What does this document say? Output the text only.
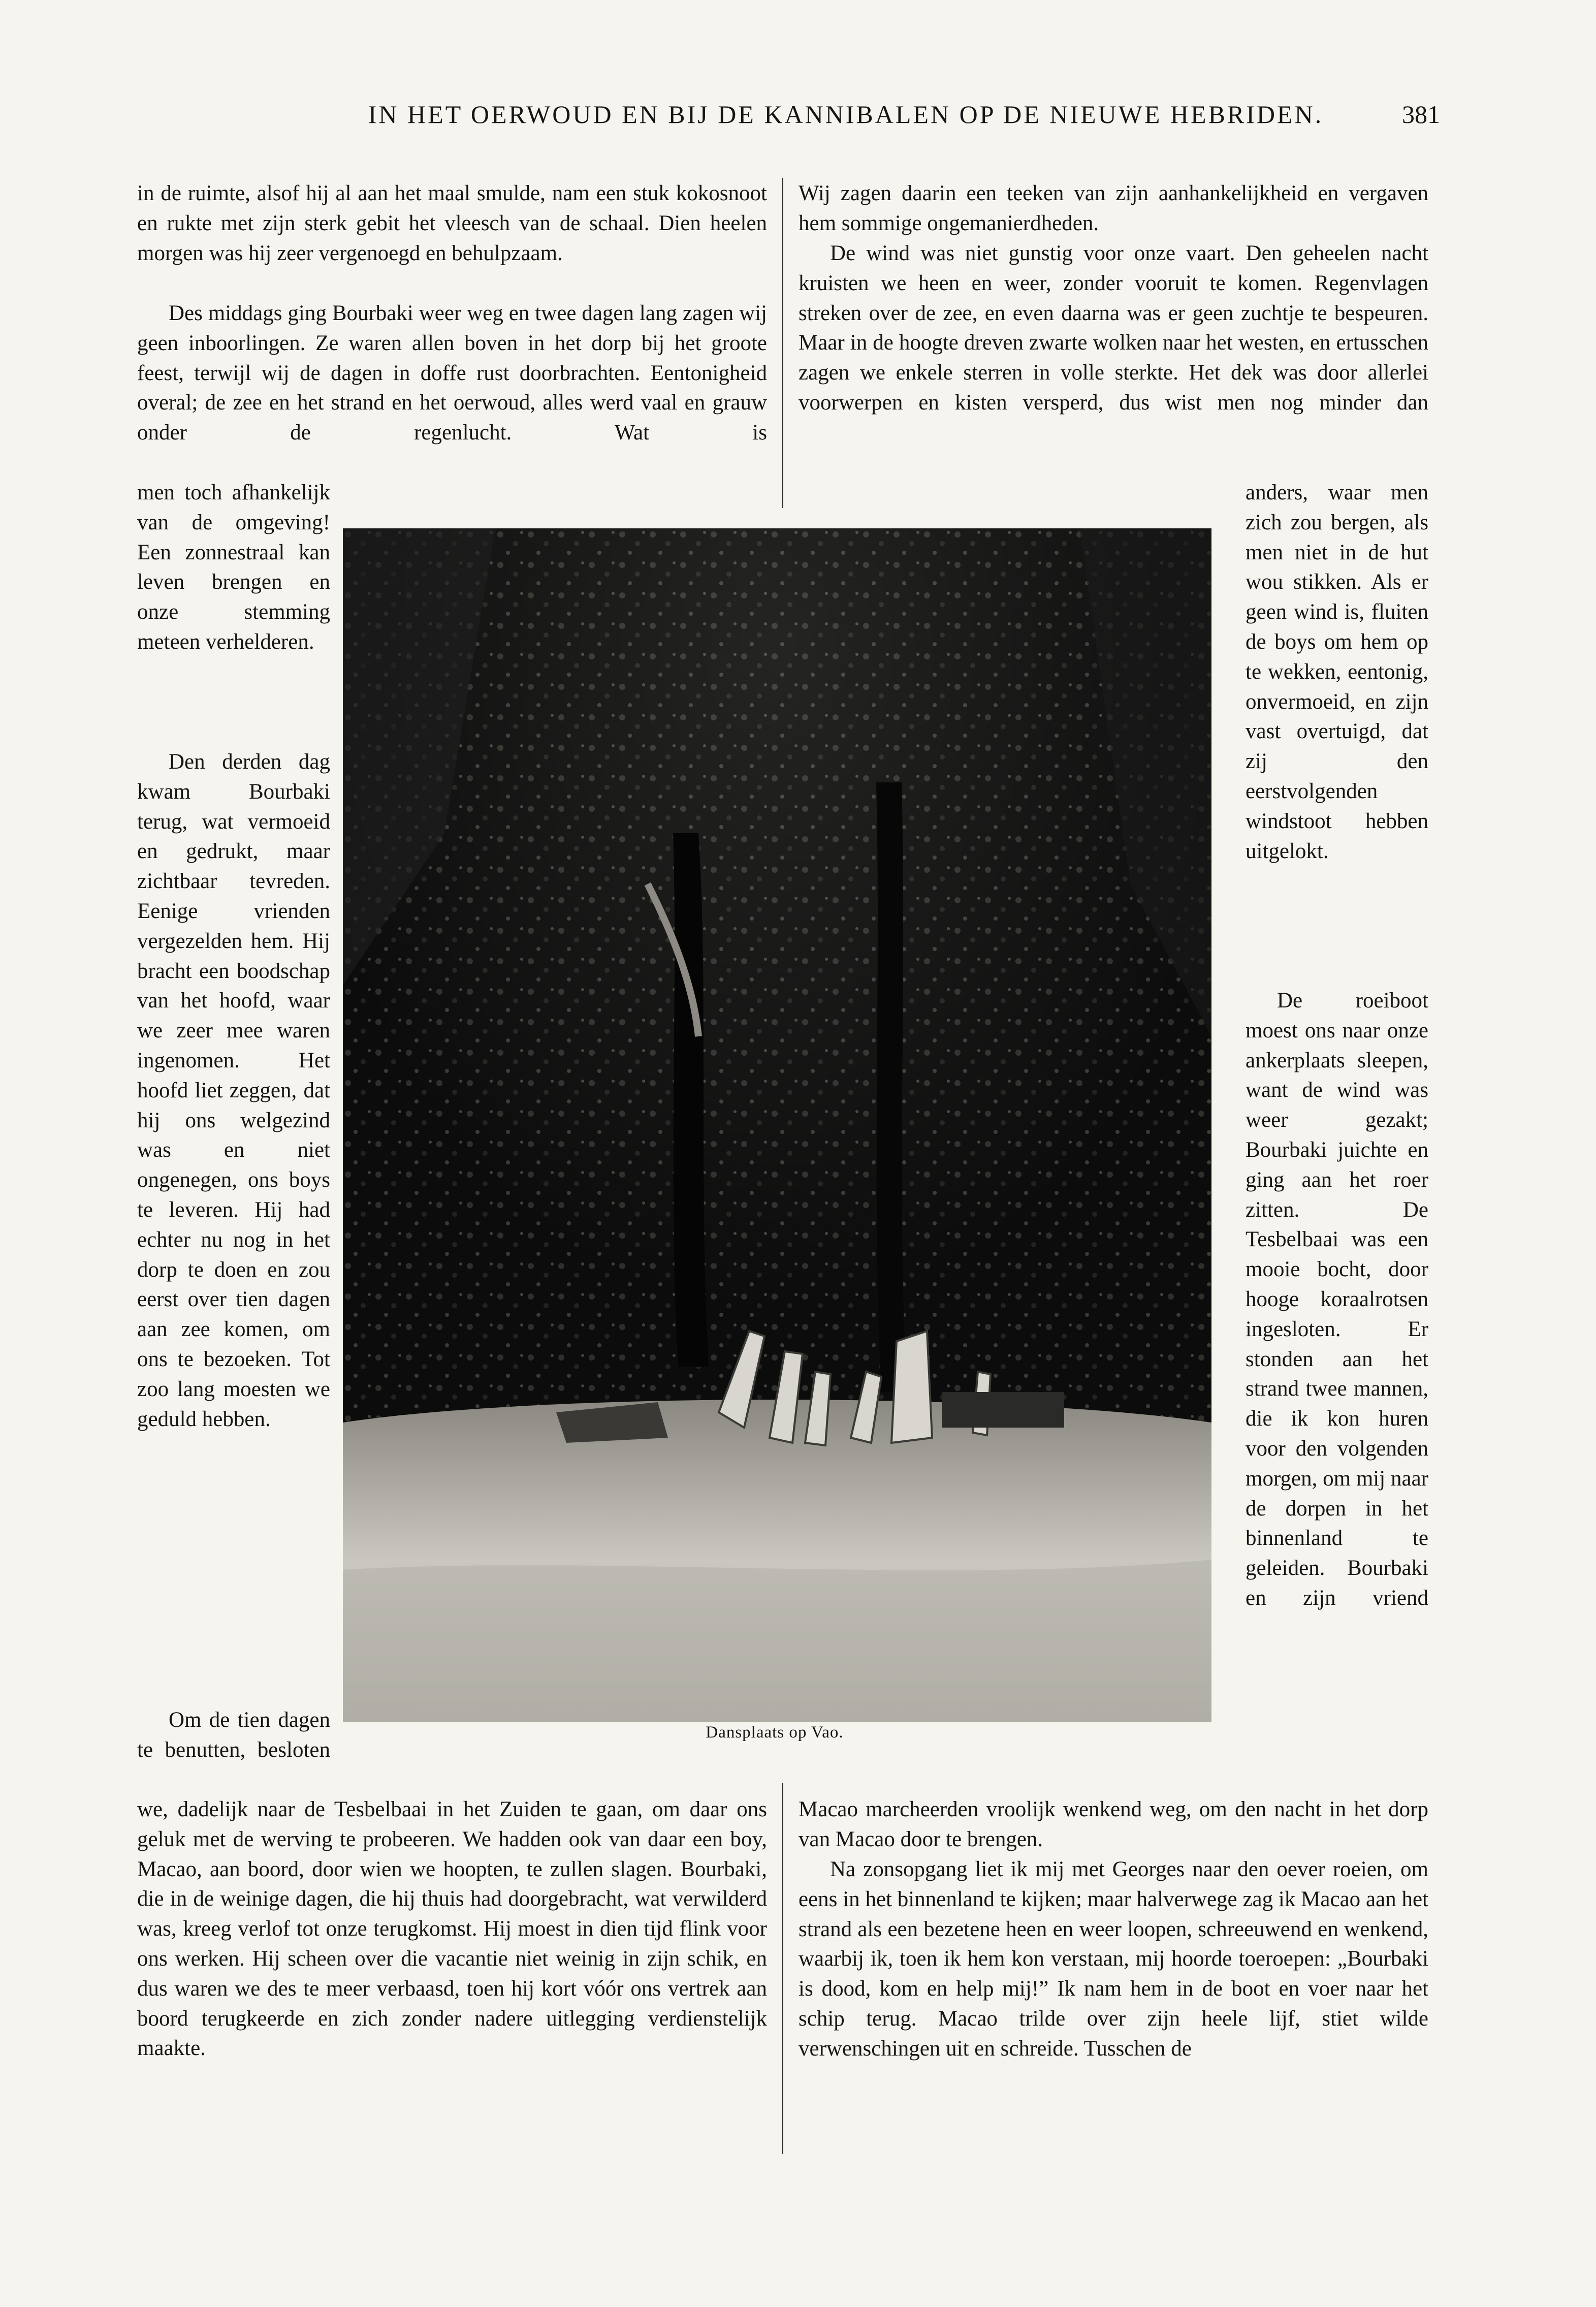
IN HET OERWOUD EN BIJ DE KANNIBALEN OP DE NIEUWE HEBRIDEN.	381

in de ruimte, alsof hij al aan het maal smulde, nam een stuk kokosnoot en rukte met zijn sterk gebit het vleesch van de schaal. Dien heelen morgen was hij zeer vergenoegd en behulpzaam.

Des middags ging Bourbaki weer weg en twee dagen lang zagen wij geen inboorlingen. Ze waren allen boven in het dorp bij het groote feest, terwijl wij de dagen in doffe rust doorbrachten. Eentonigheid overal; de zee en het strand en het oerwoud, alles werd vaal en grauw onder de regenlucht. Wat is

men toch afhankelijk van de omgeving! Een zonnestraal kan leven brengen en onze stemming meteen verhelderen.

Den derden dag kwam Bourbaki terug, wat vermoeid en gedrukt, maar zichtbaar tevreden. Eenige vrienden vergezelden hem. Hij bracht een boodschap van het hoofd, waar we zeer mee waren ingenomen. Het hoofd liet zeggen, dat hij ons welgezind was en niet ongenegen, ons boys te leveren. Hij had echter nu nog in het dorp te doen en zou eerst over tien dagen aan zee komen, om ons te bezoeken. Tot zoo lang moesten we geduld hebben.

Om de tien dagen te benutten, besloten

we, dadelijk naar de Tesbelbaai in het Zuiden te gaan, om daar ons geluk met de werving te probeeren. We hadden ook van daar een boy, Macao, aan boord, door wien we hoopten, te zullen slagen. Bourbaki, die in de weinige dagen, die hij thuis had doorgebracht, wat verwilderd was, kreeg verlof tot onze terugkomst. Hij moest in dien tijd flink voor ons werken. Hij scheen over die vacantie niet weinig in zijn schik, en dus waren we des te meer verbaasd, toen hij kort vóór ons vertrek aan boord terugkeerde en zich zonder nadere uitlegging verdienstelijk maakte.

Wij zagen daarin een teeken van zijn aanhankelijkheid en vergaven hem sommige ongemanierdheden.

De wind was niet gunstig voor onze vaart. Den geheelen nacht kruisten we heen en weer, zonder vooruit te komen. Regenvlagen streken over de zee, en even daarna was er geen zuchtje te bespeuren. Maar in de hoogte dreven zwarte wolken naar het westen, en ertusschen zagen we enkele sterren in volle sterkte. Het dek was door allerlei voorwerpen en kisten versperd, dus wist men nog minder dan

anders, waar men zich zou bergen, als men niet in de hut wou stikken. Als er geen wind is, fluiten de boys om hem op te wekken, eentonig, onvermoeid, en zijn vast overtuigd, dat zij den eerstvolgenden windstoot hebben uitgelokt.

De roeiboot moest ons naar onze ankerplaats sleepen, want de wind was weer gezakt; Bourbaki juichte en ging aan het roer zitten. De Tesbelbaai was een mooie bocht, door hooge koraalrotsen ingesloten. Er stonden aan het strand twee mannen, die ik kon huren voor den volgenden morgen, om mij naar de dorpen in het binnenland te geleiden. Bourbaki en zijn vriend

Macao marcheerden vroolijk wenkend weg, om den nacht in het dorp van Macao door te brengen.

Na zonsopgang liet ik mij met Georges naar den oever roeien, om eens in het binnenland te kijken; maar halverwege zag ik Macao aan het strand als een bezetene heen en weer loopen, schreeuwend en wenkend, waarbij ik, toen ik hem kon verstaan, mij hoorde toeroepen: „Bourbaki is dood, kom en help mij!” Ik nam hem in de boot en voer naar het schip terug. Macao trilde over zijn heele lijf, stiet wilde verwenschingen uit en schreide. Tusschen de

Dansplaats op Vao.
